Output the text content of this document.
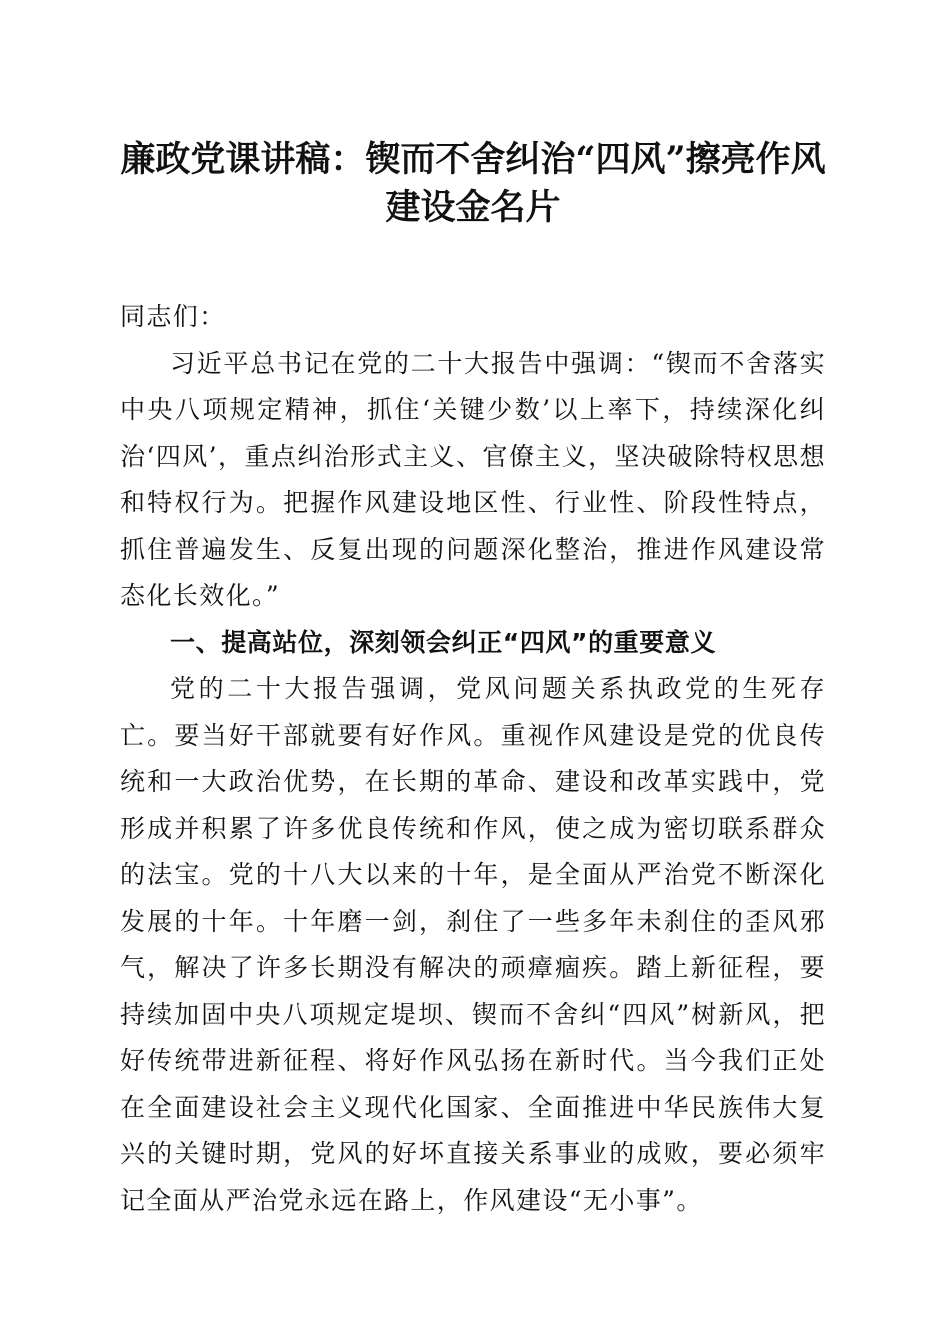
廉政党课讲稿：锲而不舍纠治“四风”擦亮作风建设金名片

同志们：

习近平总书记在党的二十大报告中强调：“锲而不舍落实中央八项规定精神，抓住‘关键少数’以上率下，持续深化纠治‘四风’，重点纠治形式主义、官僚主义，坚决破除特权思想和特权行为。把握作风建设地区性、行业性、阶段性特点，抓住普遍发生、反复出现的问题深化整治，推进作风建设常态化长效化。”

一、提高站位，深刻领会纠正“四风”的重要意义

党的二十大报告强调，党风问题关系执政党的生死存亡。要当好干部就要有好作风。重视作风建设是党的优良传统和一大政治优势，在长期的革命、建设和改革实践中，党形成并积累了许多优良传统和作风，使之成为密切联系群众的法宝。党的十八大以来的十年，是全面从严治党不断深化发展的十年。十年磨一剑，刹住了一些多年未刹住的歪风邪气，解决了许多长期没有解决的顽瘴痼疾。踏上新征程，要持续加固中央八项规定堤坝、锲而不舍纠“四风”树新风，把好传统带进新征程、将好作风弘扬在新时代。当今我们正处在全面建设社会主义现代化国家、全面推进中华民族伟大复兴的关键时期，党风的好坏直接关系事业的成败，要必须牢记全面从严治党永远在路上，作风建设“无小事”。
